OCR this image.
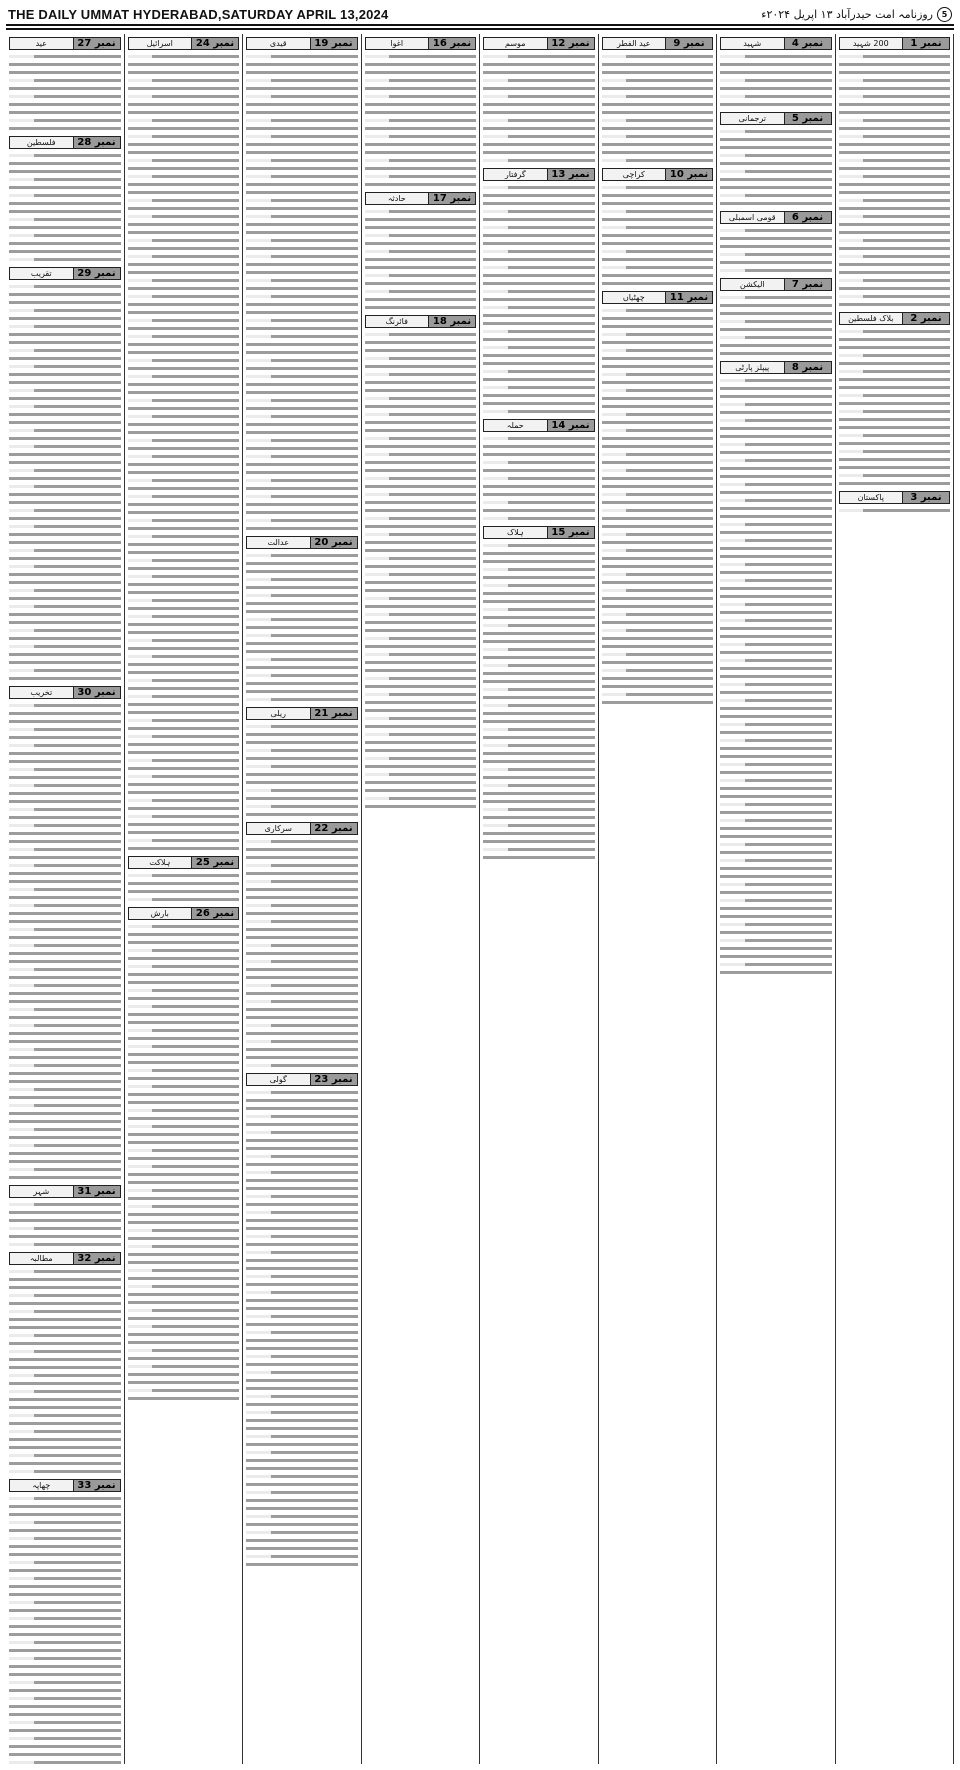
THE DAILY UMMAT HYDERABAD,SATURDAY APRIL 13,2024	5
روزنامہ امت حیدرآباد ۱۳ اپریل ۲۰۲۴ء
نمبر 1
200 شہید
نمبر 2
بلاک فلسطین
نمبر 3
پاکستان
نمبر 4
شہید
نمبر 5
ترجمانی
نمبر 6
قومی اسمبلی
نمبر 7
الیکشن
نمبر 8
پیپلز پارٹی
نمبر 9
عید الفطر
نمبر 10
کراچی
نمبر 11
چھٹیاں
نمبر 12
موسم
نمبر 13
گرفتار
نمبر 14
حملہ
نمبر 15
ہلاک
نمبر 16
اغوا
نمبر 17
حادثہ
نمبر 18
فائرنگ
نمبر 19
قیدی
نمبر 20
عدالت
نمبر 21
ریلی
نمبر 22
سرکاری
نمبر 23
گولی
نمبر 24
اسرائیل
نمبر 25
ہلاکت
نمبر 26
بارش
نمبر 27
عید
نمبر 28
فلسطین
نمبر 29
تقریب
نمبر 30
تخریب
نمبر 31
شہر
نمبر 32
مطالبہ
نمبر 33
چھاپہ
